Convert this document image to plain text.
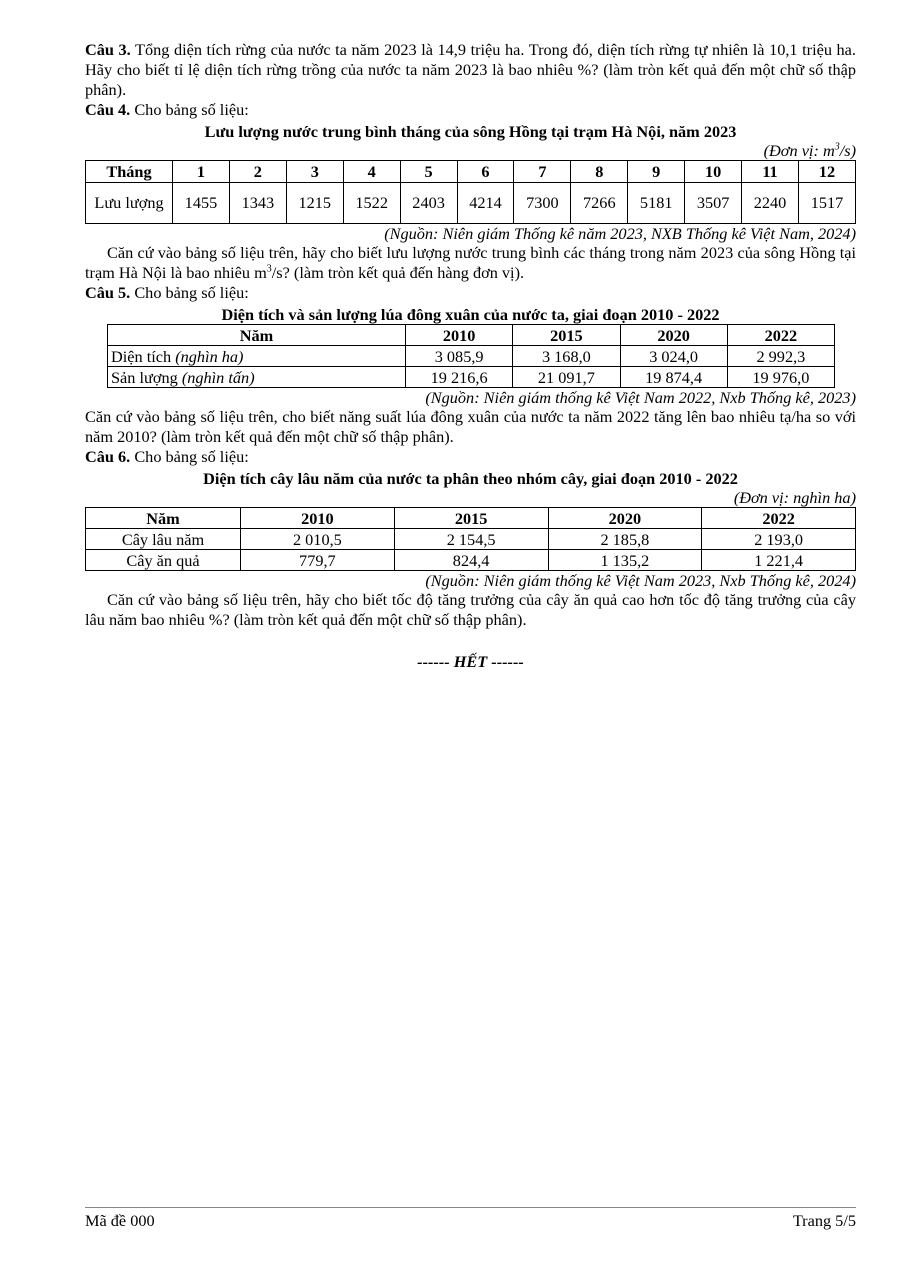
Câu 3. Tổng diện tích rừng của nước ta năm 2023 là 14,9 triệu ha. Trong đó, diện tích rừng tự nhiên là 10,1 triệu ha. Hãy cho biết tỉ lệ diện tích rừng trồng của nước ta năm 2023 là bao nhiêu %? (làm tròn kết quả đến một chữ số thập phân).

Câu 4. Cho bảng số liệu:

Lưu lượng nước trung bình tháng của sông Hồng tại trạm Hà Nội, năm 2023
(Đơn vị: $m^3/s$)
Tháng	1	2	3	4	5	6	7	8	9	10	11	12
Lưu lượng	1455	1343	1215	1522	2403	4214	7300	7266	5181	3507	2240	1517
(Nguồn: Niên giám Thống kê năm 2023, NXB Thống kê Việt Nam, 2024)

Căn cứ vào bảng số liệu trên, hãy cho biết lưu lượng nước trung bình các tháng trong năm 2023 của sông Hồng tại trạm Hà Nội là bao nhiêu $m^3/s$? (làm tròn kết quả đến hàng đơn vị).

Câu 5. Cho bảng số liệu:

Diện tích và sản lượng lúa đông xuân của nước ta, giai đoạn 2010 - 2022
Năm	2010	2015	2020	2022
Diện tích (nghìn ha)	3 085,9	3 168,0	3 024,0	2 992,3
Sản lượng (nghìn tấn)	19 216,6	21 091,7	19 874,4	19 976,0
(Nguồn: Niên giám thống kê Việt Nam 2022, Nxb Thống kê, 2023)

Căn cứ vào bảng số liệu trên, cho biết năng suất lúa đông xuân của nước ta năm 2022 tăng lên bao nhiêu tạ/ha so với năm 2010? (làm tròn kết quả đến một chữ số thập phân).

Câu 6. Cho bảng số liệu:

Diện tích cây lâu năm của nước ta phân theo nhóm cây, giai đoạn 2010 - 2022
(Đơn vị: nghìn ha)
Năm	2010	2015	2020	2022
Cây lâu năm	2 010,5	2 154,5	2 185,8	2 193,0
Cây ăn quả	779,7	824,4	1 135,2	1 221,4
(Nguồn: Niên giám thống kê Việt Nam 2023, Nxb Thống kê, 2024)

Căn cứ vào bảng số liệu trên, hãy cho biết tốc độ tăng trưởng của cây ăn quả cao hơn tốc độ tăng trưởng của cây lâu năm bao nhiêu %? (làm tròn kết quả đến một chữ số thập phân).

------ HẾT ------
Mã đề 000	Trang 5/5
